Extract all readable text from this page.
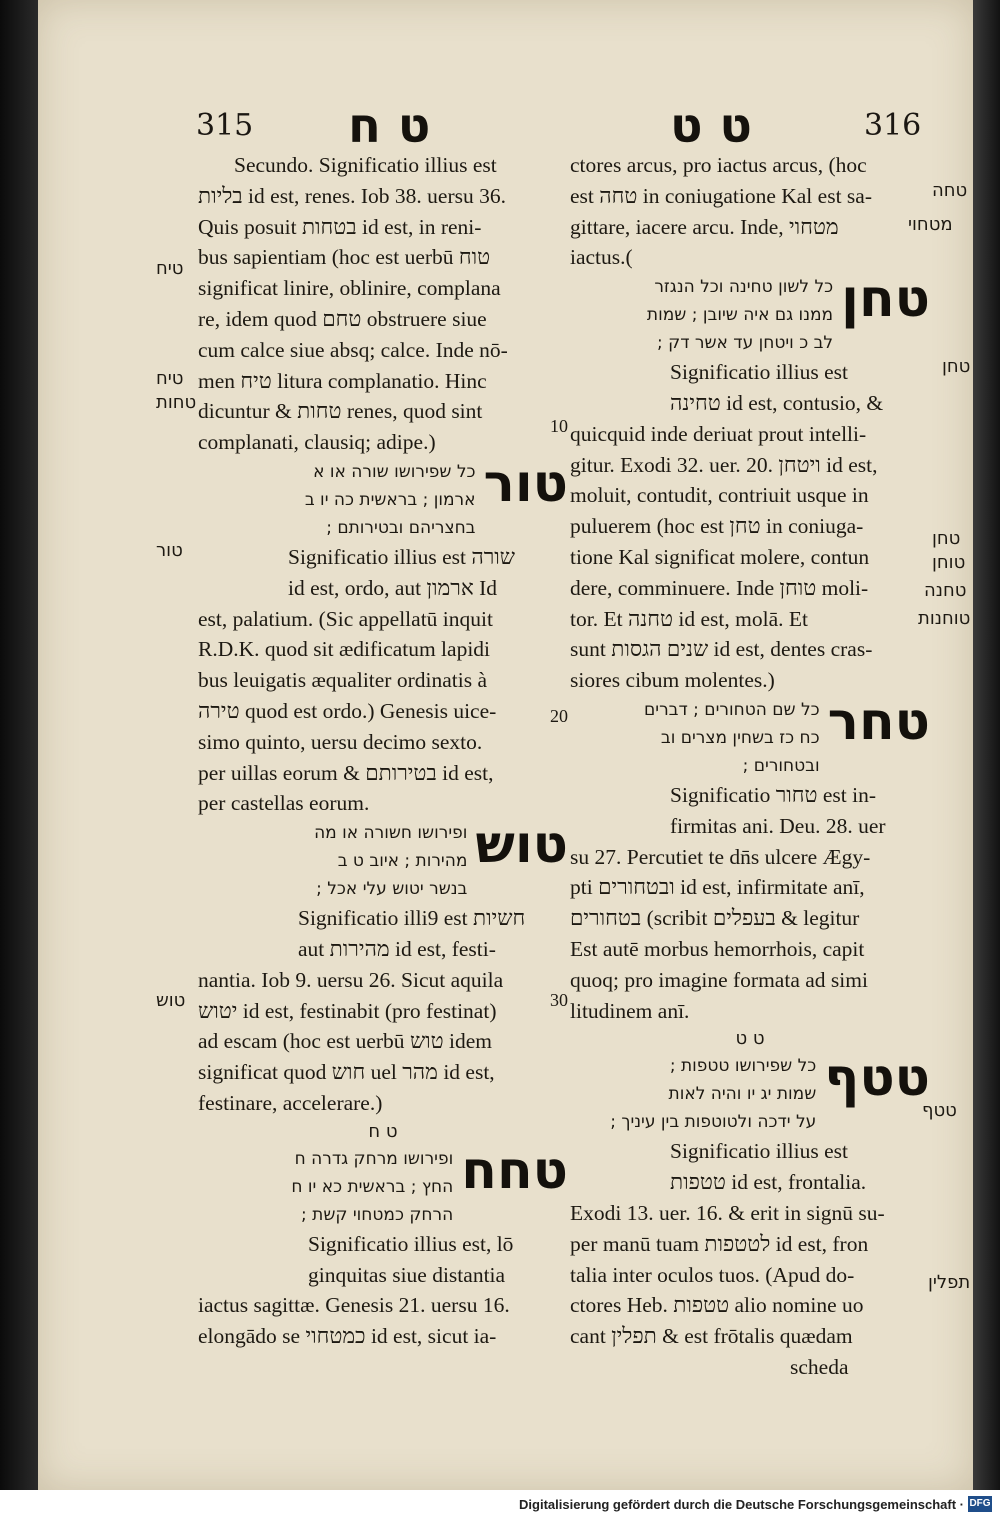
315	316
ט ח	ט ט
Secundo. Significatio illius est
בליות id est, renes. Iob 38. uersu 36.
Quis posuit בטחות id est, in reni-
bus sapientiam (hoc est uerbū טוח
significat linire, oblinire, complana
re, idem quod טחם obstruere siue
cum calce siue absq; calce. Inde nō-
men טיח litura complanatio. Hinc
dicuntur & טחות renes, quod sint
complanati, clausiq; adipe.)
כל שפירושו שורה או א
ארמון ; בראשית כה יו ב
בחצריהם ובטירותם ;
טור
Significatio illius est שורה
id est, ordo, aut ארמון Id
est, palatium. (Sic appellatū inquit
R.D.K. quod sit ædificatum lapidi
bus leuigatis æqualiter ordinatis à
טירה quod est ordo.) Genesis uice-
simo quinto, uersu decimo sexto.
per uillas eorum & בטירותם id est,
per castellas eorum.
ופירושו חשורה או מה
מהירות ; איוב ט ב
בנשר יטוש עלי אכל ;
טוש
Significatio illi9 est חשיות
aut מהירות id est, festi-
nantia. Iob 9. uersu 26. Sicut aquila
יטוש id est, festinabit (pro festinat)
ad escam (hoc est uerbū טוש idem
significat quod חוש uel מהר id est,
festinare, accelerare.)
ט ח
ופירושו מרחק גדרה ח
החץ ; בראשית כא יו ח
הרחק כמטחוי קשת ;
טחח
Significatio illius est, lō
ginquitas siue distantia
iactus sagittæ. Genesis 21. uersu 16.
elongādo se כמטחוי id est, sicut ia-
ctores arcus, pro iactus arcus, (hoc
est טחה in coniugatione Kal est sa-
gittare, iacere arcu. Inde, מטחוי
iactus.(
כל לשון טחינה וכל הנגזר
ממנו גם איה שיובן ; שמות
לב כ ויטחן עד אשר דק ;
טחן
Significatio illius est
טחינה id est, contusio, &
quicquid inde deriuat prout intelli-
gitur. Exodi 32. uer. 20. ויטחן id est,
moluit, contudit, contriuit usque in
puluerem (hoc est טחן in coniuga-
tione Kal significat molere, contun
dere, comminuere. Inde טוחן moli-
tor. Et טחנה id est, molā. Et
sunt שנים הגסות id est, dentes cras-
siores cibum molentes.)
כל שם הטחורים ; דברים
כח כז בשחין מצרים וב
ובטחורים ;
טחר
Significatio טחור est in-
firmitas ani. Deu. 28. uer
su 27. Percutiet te dn̄s ulcere Ægy-
pti ובטחורים id est, infirmitate anī,
בטחורים (scribit בעפלים & legitur
Est autē morbus hemorrhois, capit
quoq; pro imagine formata ad simi
litudinem anī.
ט ט
כל שפירושו טטפות ;
שמות יג יו והיה לאות
על ידכה ולטוטפות בין עיניך ;
טטף
Significatio illius est
טטפות id est, frontalia.
Exodi 13. uer. 16. & erit in signū su-
per manū tuam לטטפות id est, fron
talia inter oculos tuos. (Apud do-
ctores Heb. טטפות alio nomine uo
cant תפלין & est frōtalis quædam
scheda
טיח
טיח
טחות
טור
טוש
טחה
מטחוי
טחן
טחן
טוחן
טחנה
טוחנות
טטף
תפלין
10
20
30
Digitalisierung gefördert durch die Deutsche Forschungsgemeinschaft · DFG
